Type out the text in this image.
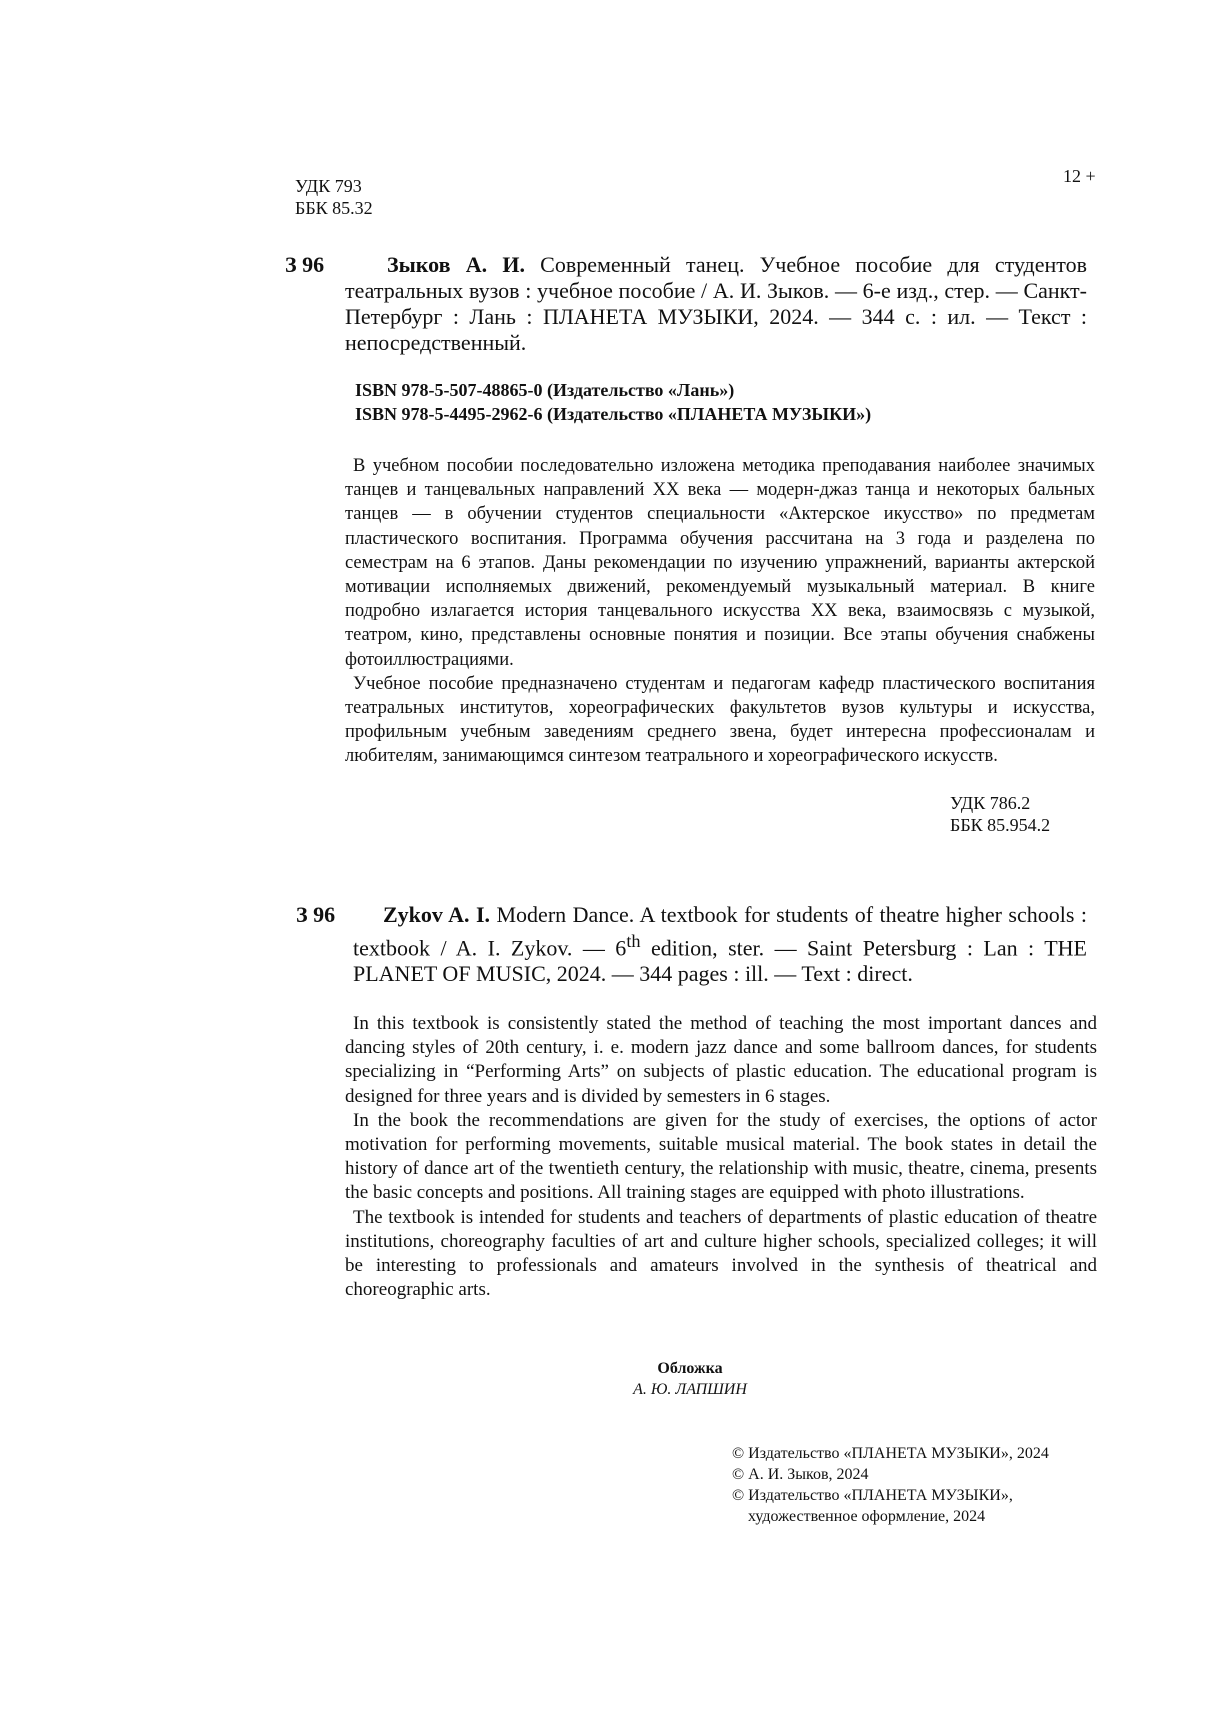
УДК 793
ББК 85.32
12 +
З 96	Зыков А. И. Современный танец. Учебное пособие для студентов театральных вузов : учебное пособие / А. И. Зыков. — 6-е изд., стер. — Санкт-Петербург : Лань : ПЛАНЕТА МУЗЫКИ, 2024. — 344 с. : ил. — Текст : непосредственный.
ISBN 978-5-507-48865-0 (Издательство «Лань»)
ISBN 978-5-4495-2962-6 (Издательство «ПЛАНЕТА МУЗЫКИ»)

В учебном пособии последовательно изложена методика преподавания наиболее значимых танцев и танцевальных направлений XX века — модерн-джаз танца и некоторых бальных танцев — в обучении студентов специальности «Актерское икусство» по предметам пластического воспитания. Программа обучения рассчитана на 3 года и разделена по семестрам на 6 этапов. Даны рекомендации по изучению упражнений, варианты актерской мотивации исполняемых движений, рекомендуемый музыкальный материал. В книге подробно излагается история танцевального искусства XX века, взаимосвязь с музыкой, театром, кино, представлены основные понятия и позиции. Все этапы обучения снабжены фотоиллюстрациями.

Учебное пособие предназначено студентам и педагогам кафедр пластического воспитания театральных институтов, хореографических факультетов вузов культуры и искусства, профильным учебным заведениям среднего звена, будет интересна профессионалам и любителям, занимающимся синтезом театрального и хореографического искусств.

УДК 786.2
ББК 85.954.2
З 96	Zykov A. I. Modern Dance. A textbook for students of theatre higher schools : textbook / A. I. Zykov. — 6th edition, ster. — Saint Petersburg : Lan : THE PLANET OF MUSIC, 2024. — 344 pages : ill. — Text : direct.

In this textbook is consistently stated the method of teaching the most important dances and dancing styles of 20th century, i. e. modern jazz dance and some ballroom dances, for students specializing in “Performing Arts” on subjects of plastic education. The educational program is designed for three years and is divided by semesters in 6 stages.

In the book the recommendations are given for the study of exercises, the options of actor motivation for performing movements, suitable musical material. The book states in detail the history of dance art of the twentieth century, the relationship with music, theatre, cinema, presents the basic concepts and positions. All training stages are equipped with photo illustrations.

The textbook is intended for students and teachers of departments of plastic education of theatre institutions, choreography faculties of art and culture higher schools, specialized colleges; it will be interesting to professionals and amateurs involved in the synthesis of theatrical and choreographic arts.

Обложка
А. Ю. ЛАПШИН
© Издательство «ПЛАНЕТА МУЗЫКИ», 2024
© А. И. Зыков, 2024
© Издательство «ПЛАНЕТА МУЗЫКИ»,
художественное оформление, 2024
